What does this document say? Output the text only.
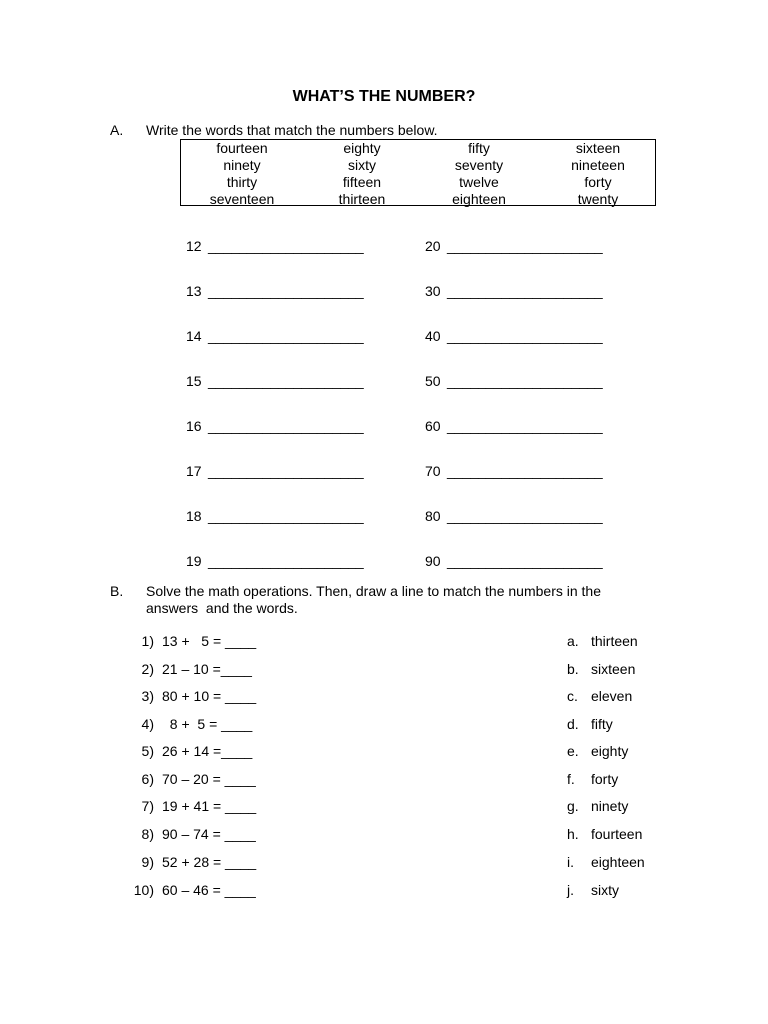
WHAT’S THE NUMBER?
A. Write the words that match the numbers below.
fourteen	eighty	fifty	sixteen
ninety	sixty	seventy	nineteen
thirty	fifteen	twelve	forty
seventeen	thirteen	eighteen	twenty
12 ____________________
13 ____________________
14 ____________________
15 ____________________
16 ____________________
17 ____________________
18 ____________________
19 ____________________
20 ____________________
30 ____________________
40 ____________________
50 ____________________
60 ____________________
70 ____________________
80 ____________________
90 ____________________
B. Solve the math operations. Then, draw a line to match the numbers in the
answers  and the words.
1) 13 +   5 = ____
2) 21 – 10 =____
3) 80 + 10 = ____
4) 8 +  5 = ____
5) 26 + 14 =____
6) 70 – 20 = ____
7) 19 + 41 = ____
8) 90 – 74 = ____
9) 52 + 28 = ____
10) 60 – 46 = ____
a. thirteen
b. sixteen
c. eleven
d. fifty
e. eighty
f. forty
g. ninety
h. fourteen
i. eighteen
j. sixty
